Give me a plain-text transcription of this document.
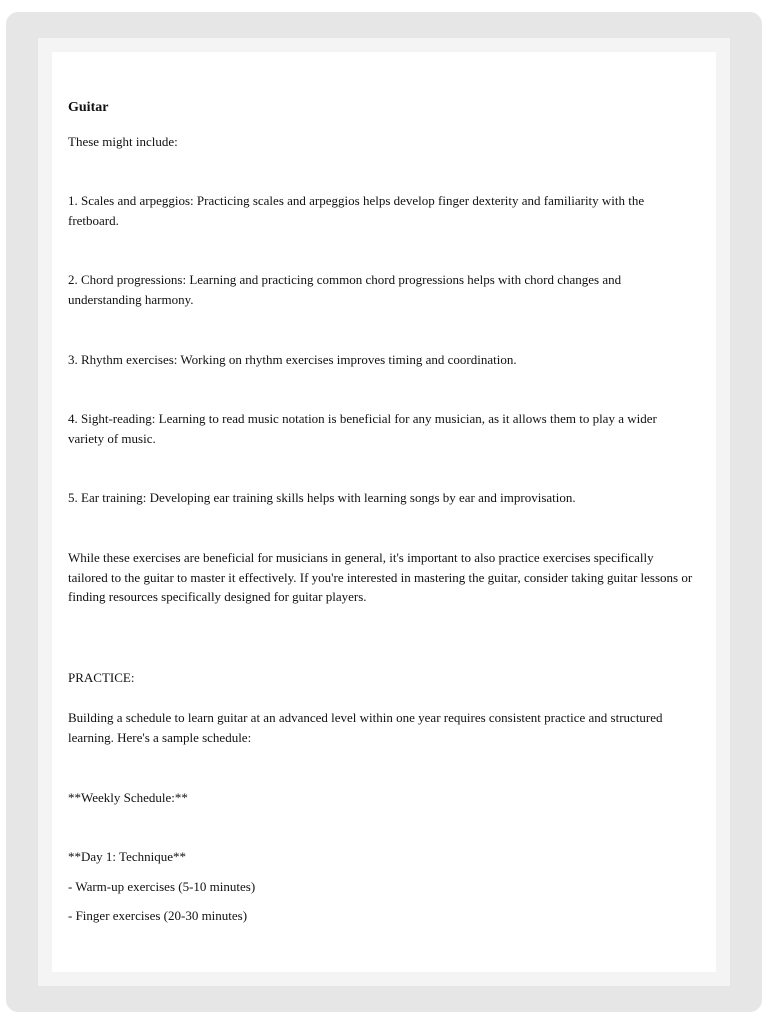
Guitar

These might include:

1. Scales and arpeggios: Practicing scales and arpeggios helps develop finger dexterity and familiarity with the fretboard.

2. Chord progressions: Learning and practicing common chord progressions helps with chord changes and understanding harmony.

3. Rhythm exercises: Working on rhythm exercises improves timing and coordination.

4. Sight-reading: Learning to read music notation is beneficial for any musician, as it allows them to play a wider variety of music.

5. Ear training: Developing ear training skills helps with learning songs by ear and improvisation.

While these exercises are beneficial for musicians in general, it's important to also practice exercises specifically tailored to the guitar to master it effectively. If you're interested in mastering the guitar, consider taking guitar lessons or finding resources specifically designed for guitar players.

PRACTICE:

Building a schedule to learn guitar at an advanced level within one year requires consistent practice and structured learning. Here's a sample schedule:

**Weekly Schedule:**

**Day 1: Technique**

- Warm-up exercises (5-10 minutes)

- Finger exercises (20-30 minutes)
